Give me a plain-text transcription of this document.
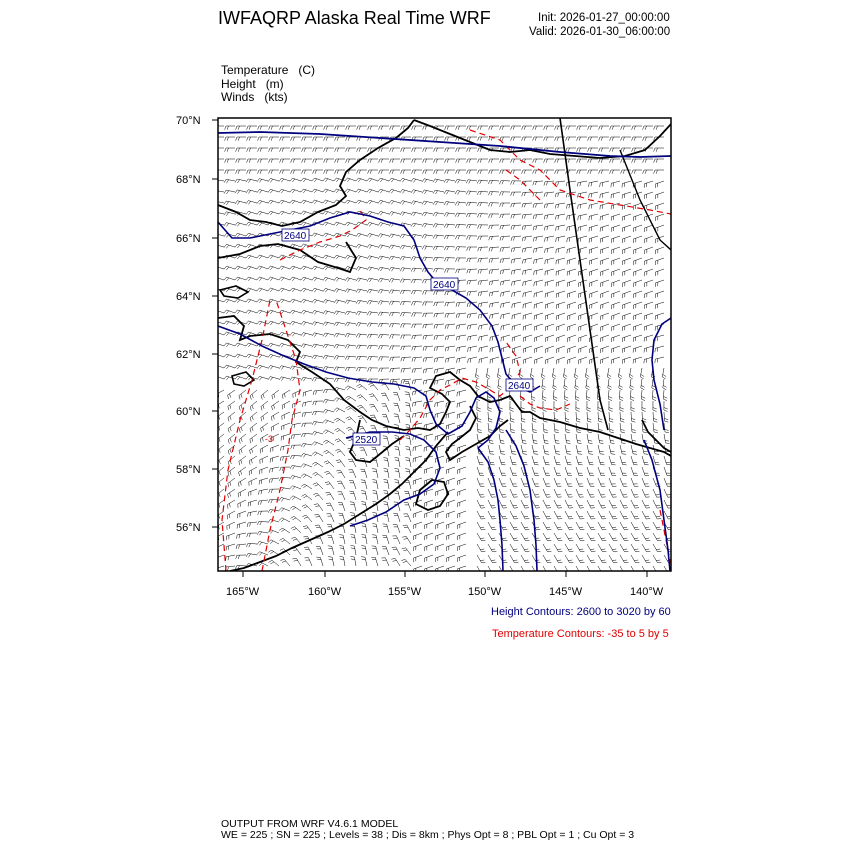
IWFAQRP Alaska Real Time WRF	Init: 2026-01-27_00:00:00
Valid: 2026-01-30_06:00:00
Temperature (C)
Height (m)
Winds (kts)
2640
2640
2640
2520
-3
70°N
68°N
66°N
64°N
62°N
60°N
58°N
56°N
165°W	160°W	155°W	150°W	145°W	140°W
Height Contours: 2600 to 3020 by 60
Temperature Contours: -35 to 5 by 5
OUTPUT FROM WRF V4.6.1 MODEL
WE = 225 ; SN = 225 ; Levels = 38 ; Dis = 8km ; Phys Opt = 8 ; PBL Opt = 1 ; Cu Opt = 3
